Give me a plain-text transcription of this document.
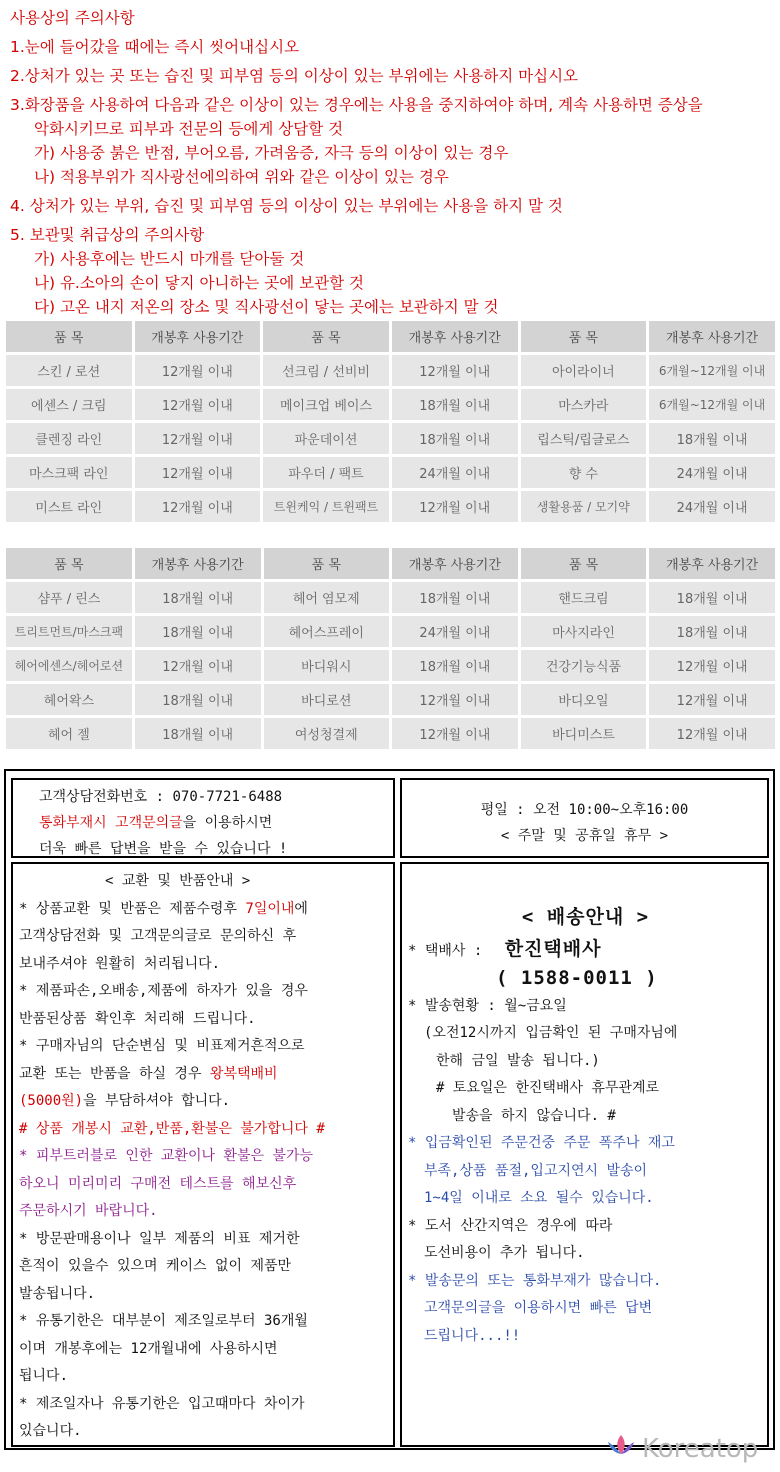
사용상의 주의사항
1.눈에 들어갔을 때에는 즉시 씻어내십시오
2.상처가 있는 곳 또는 습진 및 피부염 등의 이상이 있는 부위에는 사용하지 마십시오
3.화장품을 사용하여 다음과 같은 이상이 있는 경우에는 사용을 중지하여야 하며, 계속 사용하면 증상을
악화시키므로 피부과 전문의 등에게 상담할 것
가) 사용중 붉은 반점, 부어오름, 가려움증, 자극 등의 이상이 있는 경우
나) 적용부위가 직사광선에의하여 위와 같은 이상이 있는 경우
4. 상처가 있는 부위, 습진 및 피부염 등의 이상이 있는 부위에는 사용을 하지 말 것
5. 보관및 취급상의 주의사항
가) 사용후에는 반드시 마개를 닫아둘 것
나) 유.소아의 손이 닿지 아니하는 곳에 보관할 것
다) 고온 내지 저온의 장소 및 직사광선이 닿는 곳에는 보관하지 말 것
품 목	개봉후 사용기간	품 목	개봉후 사용기간	품 목	개봉후 사용기간
스킨 / 로션	12개월 이내	선크림 / 선비비	12개월 이내	아이라이너	6개월~12개월 이내
에센스 / 크림	12개월 이내	메이크업 베이스	18개월 이내	마스카라	6개월~12개월 이내
클렌징 라인	12개월 이내	파운데이션	18개월 이내	립스틱/립글로스	18개월 이내
마스크팩 라인	12개월 이내	파우더 / 팩트	24개월 이내	향 수	24개월 이내
미스트 라인	12개월 이내	트윈케익 / 트윈팩트	12개월 이내	생활용품 / 모기약	24개월 이내
품 목	개봉후 사용기간	품 목	개봉후 사용기간	품 목	개봉후 사용기간
샴푸 / 린스	18개월 이내	헤어 염모제	18개월 이내	핸드크림	18개월 이내
트리트먼트/마스크팩	18개월 이내	헤어스프레이	24개월 이내	마사지라인	18개월 이내
헤어에센스/헤어로션	12개월 이내	바디워시	18개월 이내	건강기능식품	12개월 이내
헤어왁스	18개월 이내	바디로션	12개월 이내	바디오일	12개월 이내
헤어 젤	18개월 이내	여성청결제	12개월 이내	바디미스트	12개월 이내
고객상담전화번호 : 070-7721-6488
통화부재시 고객문의글을 이용하시면
더욱 빠른 답변을 받을 수 있습니다 !
평일 : 오전 10:00~오후16:00
< 주말 및 공휴일 휴무 >
< 교환 및 반품안내 >
* 상품교환 및 반품은 제품수령후 7일이내에
고객상담전화 및 고객문의글로 문의하신 후
보내주셔야 원활히 처리됩니다.
* 제품파손,오배송,제품에 하자가 있을 경우
반품된상품 확인후 처리해 드립니다.
* 구매자님의 단순변심 및 비표제거흔적으로
교환 또는 반품을 하실 경우 왕복택배비
(5000원)을 부담하셔야 합니다.
# 상품 개봉시 교환,반품,환불은 불가합니다 #
* 피부트러블로 인한 교환이나 환불은 불가능
하오니 미리미리 구매전 테스트를 해보신후
주문하시기 바랍니다.
* 방문판매용이나 일부 제품의 비표 제거한
흔적이 있을수 있으며 케이스 없이 제품만
발송됩니다.
* 유통기한은 대부분이 제조일로부터 36개월
이며 개봉후에는 12개월내에 사용하시면
됩니다.
* 제조일자나 유통기한은 입고때마다 차이가
있습니다.
< 배송안내 >
* 택배사 : 한진택배사
( 1588-0011 )
* 발송현황 : 월~금요일
(오전12시까지 입금확인 된 구매자님에
한해 금일 발송 됩니다.)
# 토요일은 한진택배사 휴무관계로
발송을 하지 않습니다. #
* 입금확인된 주문건중 주문 폭주나 재고
부족,상품 품절,입고지연시 발송이
1~4일 이내로 소요 될수 있습니다.
* 도서 산간지역은 경우에 따라
도선비용이 추가 됩니다.
* 발송문의 또는 통화부재가 많습니다.
고객문의글을 이용하시면 빠른 답변
드립니다...!!
Koreatop
